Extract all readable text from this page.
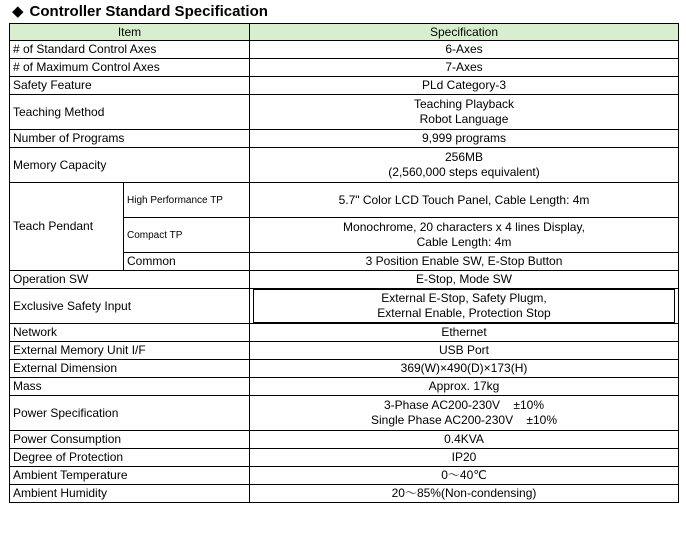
◆ Controller Standard Specification
Item		Specification
# of Standard Control Axes		6-Axes
# of Maximum Control Axes		7-Axes
Safety Feature		PLd Category-3
Teaching Method		Teaching Playback
Robot Language

Number of Programs		9,999 programs
Memory Capacity		256MB
(2,560,000 steps equivalent)

Teach Pendant	High Performance TP	5.7" Color LCD Touch Panel, Cable Length: 4m
	Compact TP	Monochrome, 20 characters x 4 lines Display,
Cable Length: 4m

	Common	3 Position Enable SW, E-Stop Button
Operation SW		E-Stop, Mode SW
Exclusive Safety Input		External E-Stop, Safety Plugm,
External Enable, Protection Stop

Network		Ethernet
External Memory Unit I/F		USB Port
External Dimension		369(W)×490(D)×173(H)
Mass		Approx. 17kg
Power Specification		3-Phase AC200-230V    ±10%
Single Phase AC200-230V    ±10%

Power Consumption		0.4KVA
Degree of Protection		IP20
Ambient Temperature		0～40℃
Ambient Humidity		20～85%(Non-condensing)
